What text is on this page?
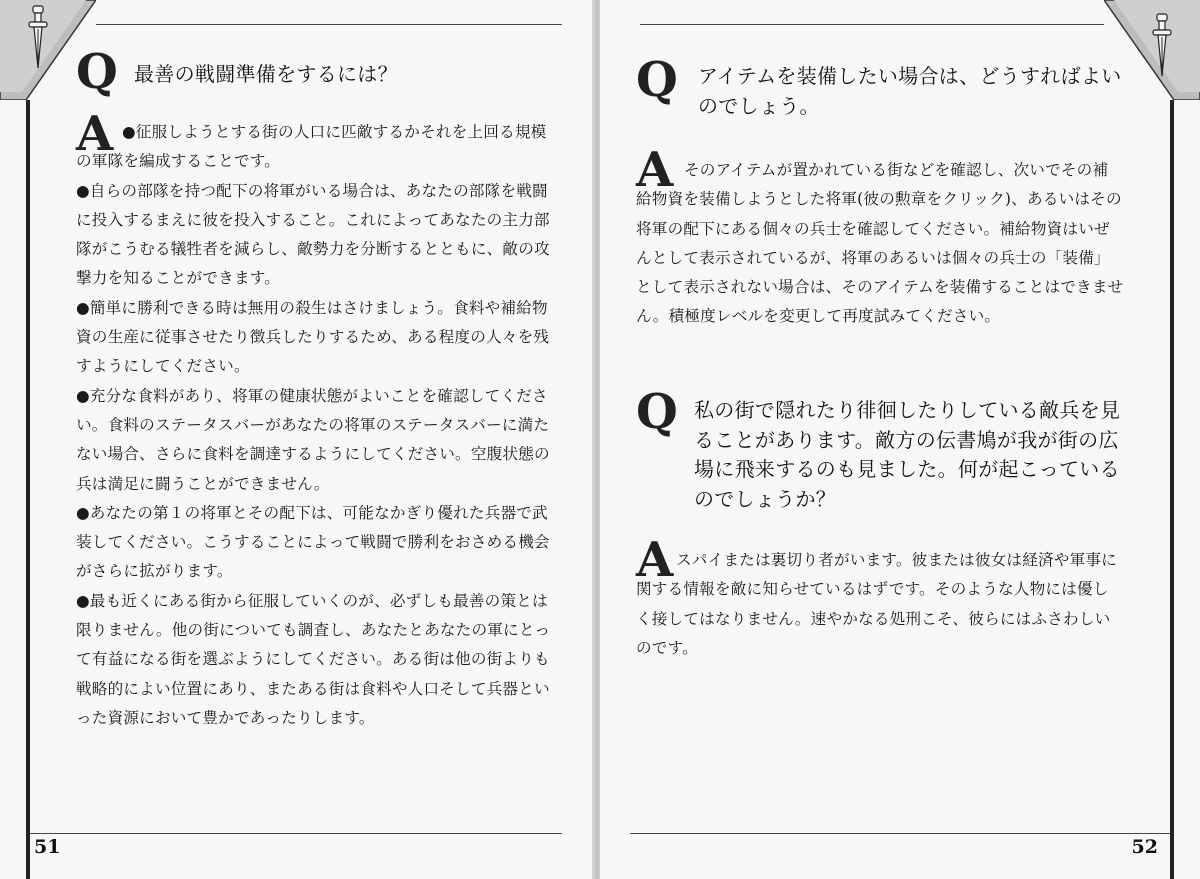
Q 最善の戦闘準備をするには？
A ●征服しようとする街の人口に匹敵するかそれを上回る規模の軍隊を編成することです。

●自らの部隊を持つ配下の将軍がいる場合は、あなたの部隊を戦闘に投入するまえに彼を投入すること。これによってあなたの主力部隊がこうむる犠牲者を減らし、敵勢力を分断するとともに、敵の攻撃力を知ることができます。

●簡単に勝利できる時は無用の殺生はさけましょう。食料や補給物資の生産に従事させたり徴兵したりするため、ある程度の人々を残すようにしてください。

●充分な食料があり、将軍の健康状態がよいことを確認してください。食料のステータスバーがあなたの将軍のステータスバーに満たない場合、さらに食料を調達するようにしてください。空腹状態の兵は満足に闘うことができません。

●あなたの第１の将軍とその配下は、可能なかぎり優れた兵器で武装してください。こうすることによって戦闘で勝利をおさめる機会がさらに拡がります。

●最も近くにある街から征服していくのが、必ずしも最善の策とは限りません。他の街についても調査し、あなたとあなたの軍にとって有益になる街を選ぶようにしてください。ある街は他の街よりも戦略的によい位置にあり、またある街は食料や人口そして兵器といった資源において豊かであったりします。

51
Q アイテムを装備したい場合は、どうすればよいのでしょう。
A そのアイテムが置かれている街などを確認し、次いでその補給物資を装備しようとした将軍(彼の勲章をクリック)、あるいはその将軍の配下にある個々の兵士を確認してください。補給物資はいぜんとして表示されているが、将軍のあるいは個々の兵士の「装備」として表示されない場合は、そのアイテムを装備することはできません。積極度レベルを変更して再度試みてください。
Q 私の街で隠れたり徘徊したりしている敵兵を見ることがあります。敵方の伝書鳩が我が街の広場に飛来するのも見ました。何が起こっているのでしょうか？
A スパイまたは裏切り者がいます。彼または彼女は経済や軍事に関する情報を敵に知らせているはずです。そのような人物には優しく接してはなりません。速やかなる処刑こそ、彼らにはふさわしいのです。
52
